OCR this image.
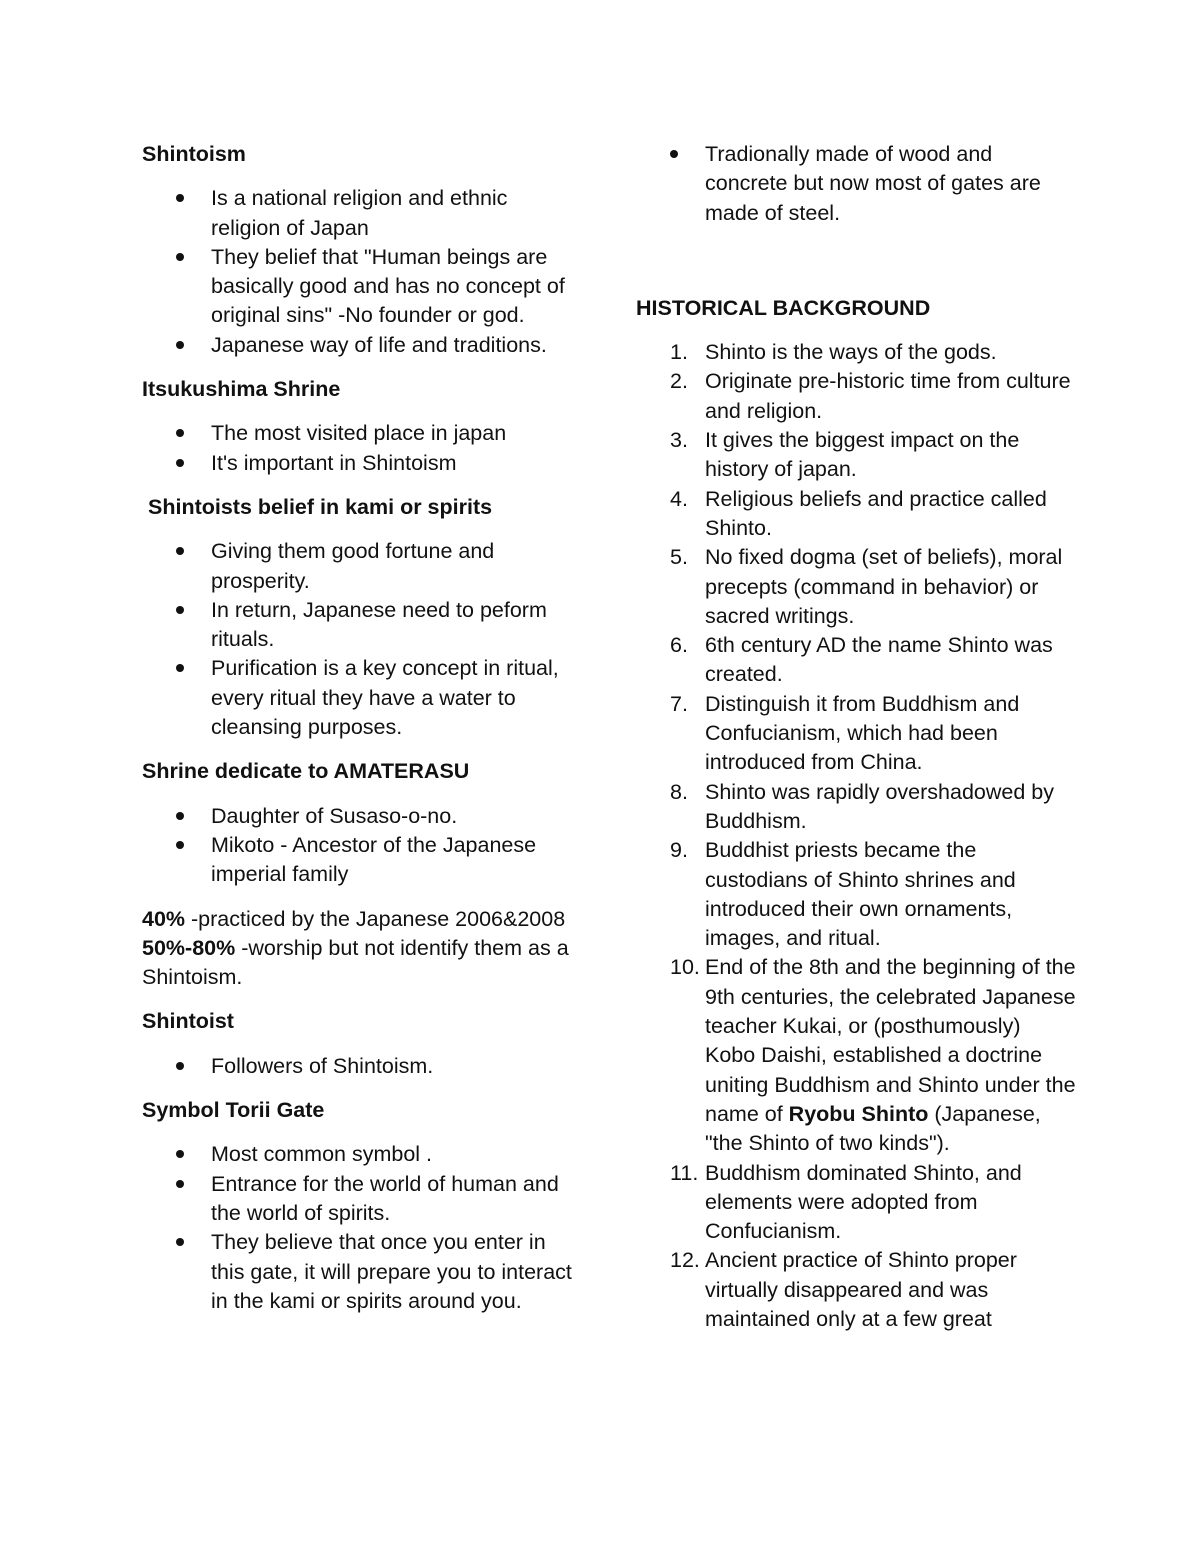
Shintoism
Is a national religion and ethnic religion of Japan
They belief that "Human beings are basically good and has no concept of original sins" -No founder or god.
Japanese way of life and traditions.
Itsukushima Shrine
The most visited place in japan
It's important in Shintoism
Shintoists belief in kami or spirits
Giving them good fortune and prosperity.
In return, Japanese need to peform rituals.
Purification is a key concept in ritual, every ritual they have a water to cleansing purposes.
Shrine dedicate to AMATERASU
Daughter of Susaso-o-no.
Mikoto - Ancestor of the Japanese imperial family

40% -practiced by the Japanese 2006&2008 50%-80% -worship but not identify them as a Shintoism.

Shintoist
Followers of Shintoism.
Symbol Torii Gate
Most common symbol .
Entrance for the world of human and the world of spirits.
They believe that once you enter in this gate, it will prepare you to interact in the kami or spirits around you.
Tradionally made of wood and concrete but now most of gates are made of steel.
HISTORICAL BACKGROUND
1. Shinto is the ways of the gods.
2. Originate pre-historic time from culture and religion.
3. It gives the biggest impact on the history of japan.
4. Religious beliefs and practice called Shinto.
5. No fixed dogma (set of beliefs), moral precepts (command in behavior) or sacred writings.
6. 6th century AD the name Shinto was created.
7. Distinguish it from Buddhism and Confucianism, which had been introduced from China.
8. Shinto was rapidly overshadowed by Buddhism.
9. Buddhist priests became the custodians of Shinto shrines and introduced their own ornaments, images, and ritual.
10. End of the 8th and the beginning of the 9th centuries, the celebrated Japanese teacher Kukai, or (posthumously) Kobo Daishi, established a doctrine uniting Buddhism and Shinto under the name of Ryobu Shinto (Japanese, "the Shinto of two kinds").
11. Buddhism dominated Shinto, and elements were adopted from Confucianism.
12. Ancient practice of Shinto proper virtually disappeared and was maintained only at a few great
